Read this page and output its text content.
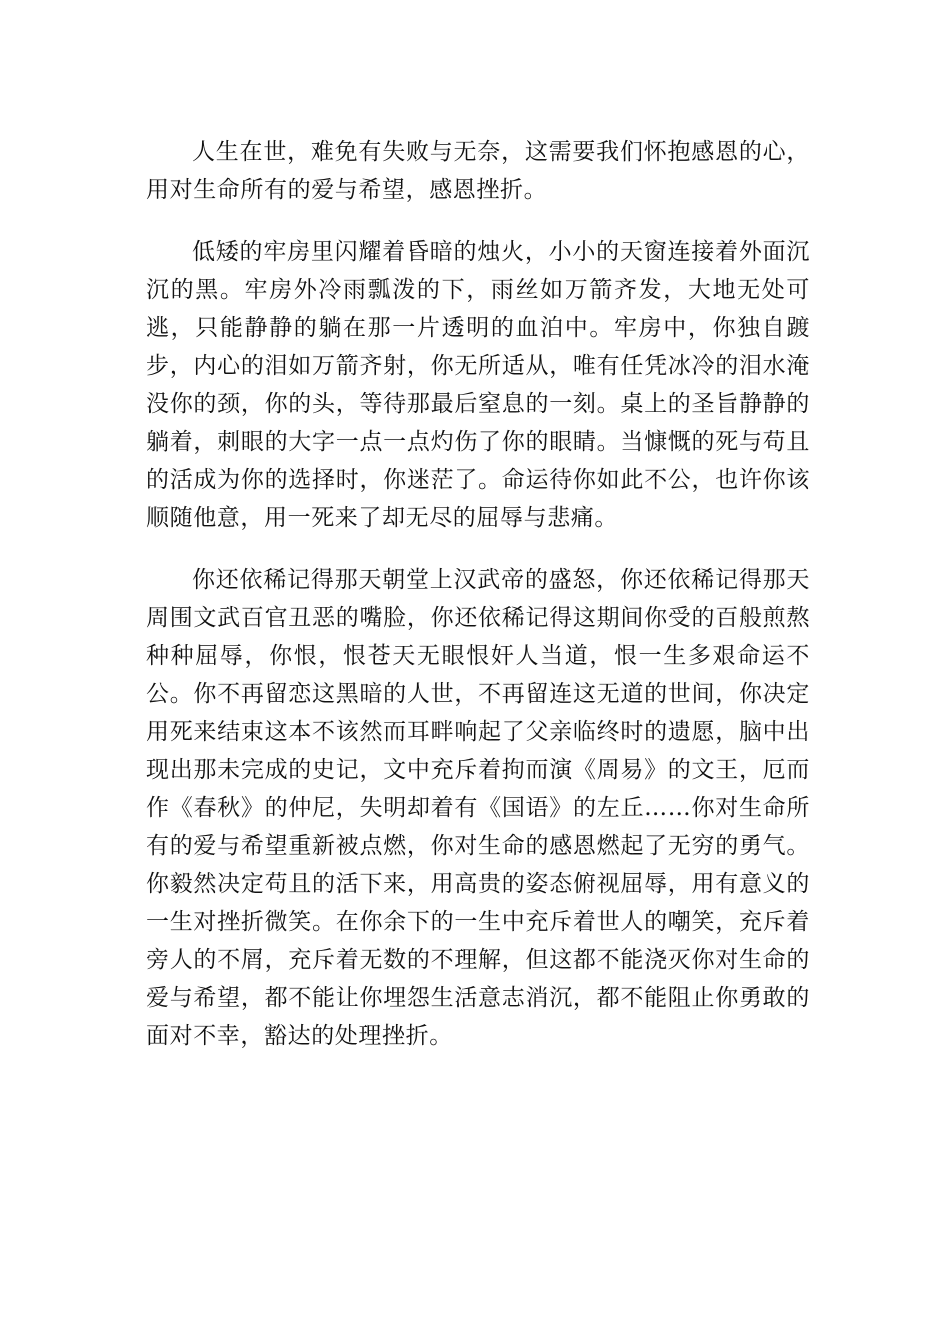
人生在世，难免有失败与无奈，这需要我们怀抱感恩的心，用对生命所有的爱与希望，感恩挫折。

低矮的牢房里闪耀着昏暗的烛火，小小的天窗连接着外面沉沉的黑。牢房外冷雨瓢泼的下，雨丝如万箭齐发，大地无处可逃，只能静静的躺在那一片透明的血泊中。牢房中，你独自踱步，内心的泪如万箭齐射，你无所适从，唯有任凭冰冷的泪水淹没你的颈，你的头，等待那最后窒息的一刻。桌上的圣旨静静的躺着，刺眼的大字一点一点灼伤了你的眼睛。当慷慨的死与苟且的活成为你的选择时，你迷茫了。命运待你如此不公，也许你该顺随他意，用一死来了却无尽的屈辱与悲痛。

你还依稀记得那天朝堂上汉武帝的盛怒，你还依稀记得那天周围文武百官丑恶的嘴脸，你还依稀记得这期间你受的百般煎熬种种屈辱，你恨，恨苍天无眼恨奸人当道，恨一生多艰命运不公。你不再留恋这黑暗的人世，不再留连这无道的世间，你决定用死来结束这本不该然而耳畔响起了父亲临终时的遗愿，脑中出现出那未完成的史记，文中充斥着拘而演《周易》的文王，厄而作《春秋》的仲尼，失明却着有《国语》的左丘……你对生命所有的爱与希望重新被点燃，你对生命的感恩燃起了无穷的勇气。你毅然决定苟且的活下来，用高贵的姿态俯视屈辱，用有意义的一生对挫折微笑。在你余下的一生中充斥着世人的嘲笑，充斥着旁人的不屑，充斥着无数的不理解，但这都不能浇灭你对生命的爱与希望，都不能让你埋怨生活意志消沉，都不能阻止你勇敢的面对不幸，豁达的处理挫折。
